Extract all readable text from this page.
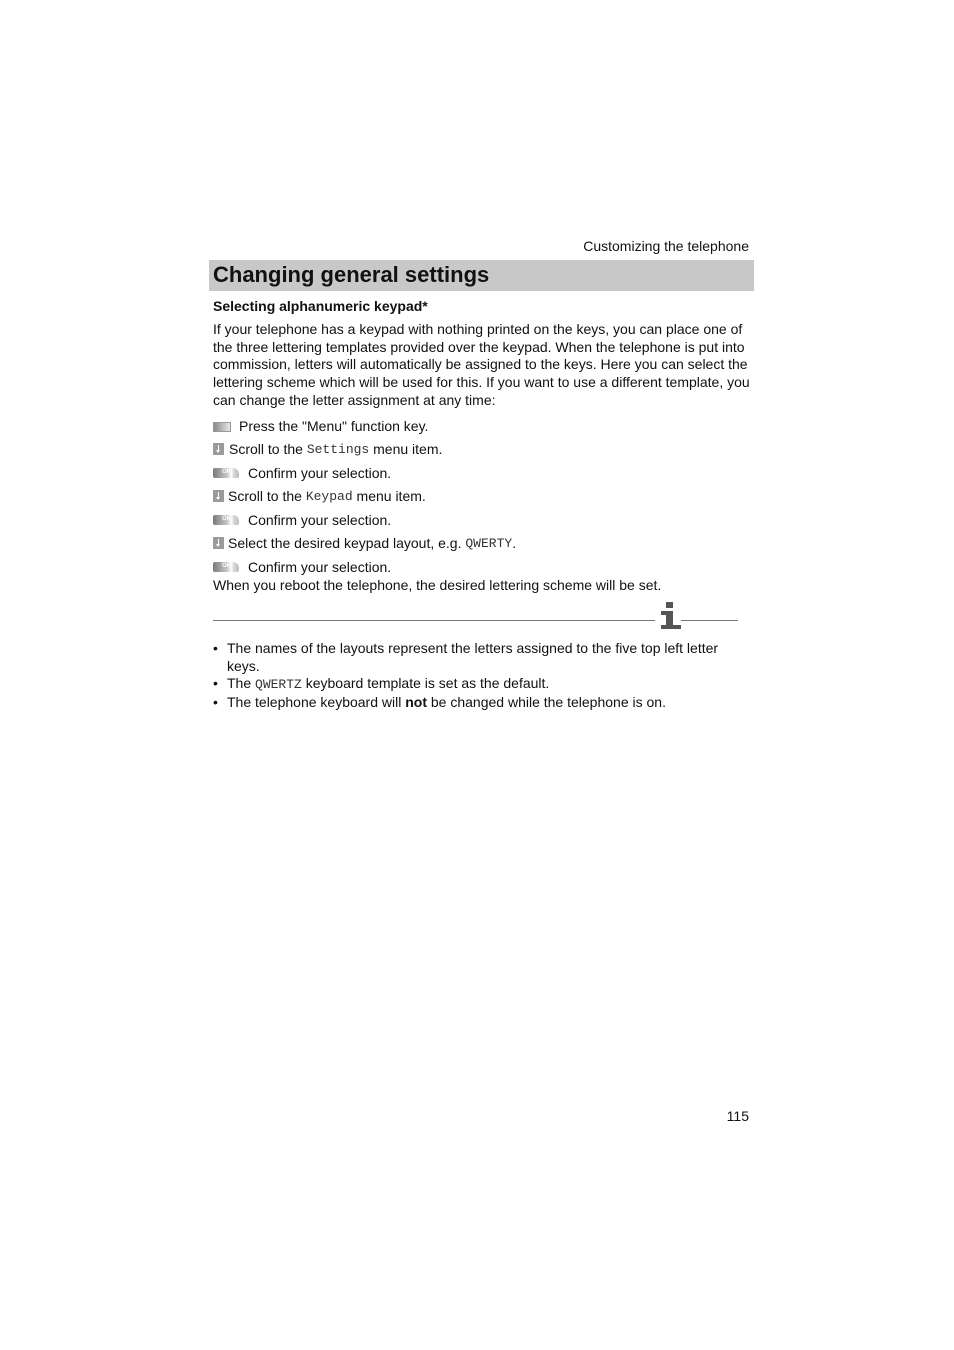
Customizing the telephone
Changing general settings
Selecting alphanumeric keypad*

If your telephone has a keypad with nothing printed on the keys, you can place one of the three lettering templates provided over the keypad. When the telephone is put into commission, letters will automatically be assigned to the keys. Here you can select the lettering scheme which will be used for this. If you want to use a different template, you can change the letter assignment at any time:

Press the "Menu" function key.
Scroll to the Settings menu item.
OK Confirm your selection.
Scroll to the Keypad menu item.
OK Confirm your selection.
Select the desired keypad layout, e.g. QWERTY .
OK Confirm your selection.

When you reboot the telephone, the desired lettering scheme will be set.

• The names of the layouts represent the letters assigned to the five top left letter keys.
• The QWERTZ keyboard template is set as the default.
• The telephone keyboard will not be changed while the telephone is on.
115
